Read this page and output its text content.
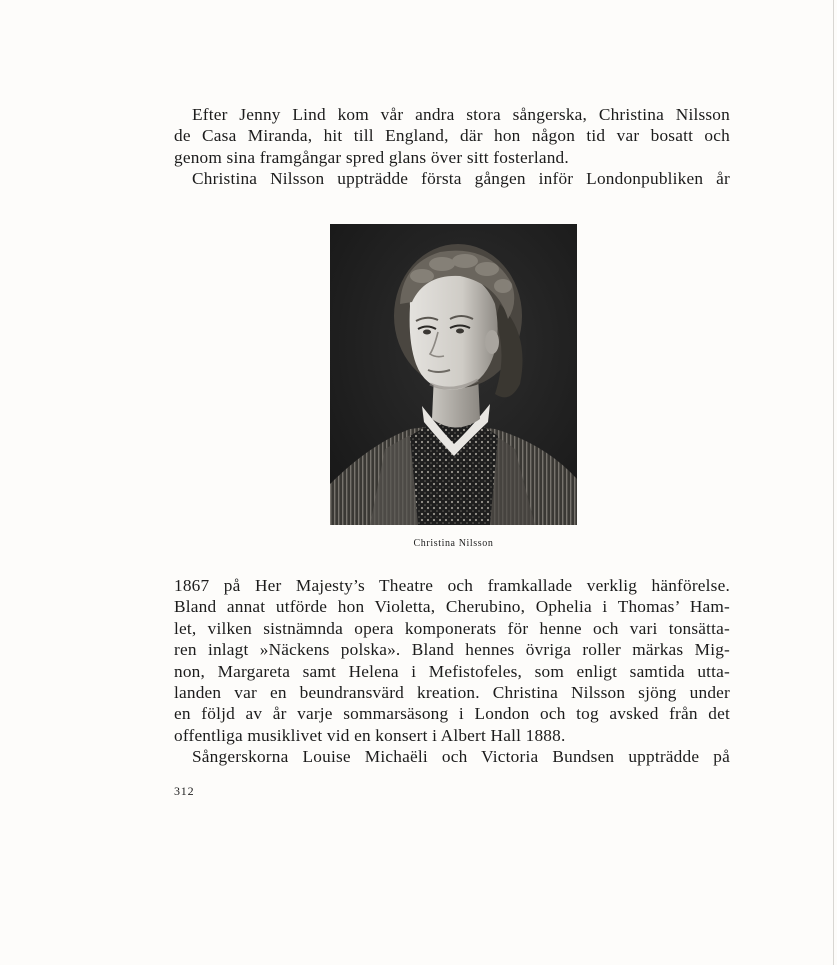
Efter Jenny Lind kom vår andra stora sångerska, Christina Nilsson
de Casa Miranda, hit till England, där hon någon tid var bosatt och
genom sina framgångar spred glans över sitt fosterland.
Christina Nilsson uppträdde första gången inför Londonpubliken år
Christina Nilsson
1867 på Her Majesty’s Theatre och framkallade verklig hänförelse.
Bland annat utförde hon Violetta, Cherubino, Ophelia i Thomas’ Ham-
let, vilken sistnämnda opera komponerats för henne och vari tonsätta-
ren inlagt »Näckens polska». Bland hennes övriga roller märkas Mig-
non, Margareta samt Helena i Mefistofeles, som enligt samtida utta-
landen var en beundransvärd kreation. Christina Nilsson sjöng under
en följd av år varje sommarsäsong i London och tog avsked från det
offentliga musiklivet vid en konsert i Albert Hall 1888.
Sångerskorna Louise Michaëli och Victoria Bundsen uppträdde på
312
